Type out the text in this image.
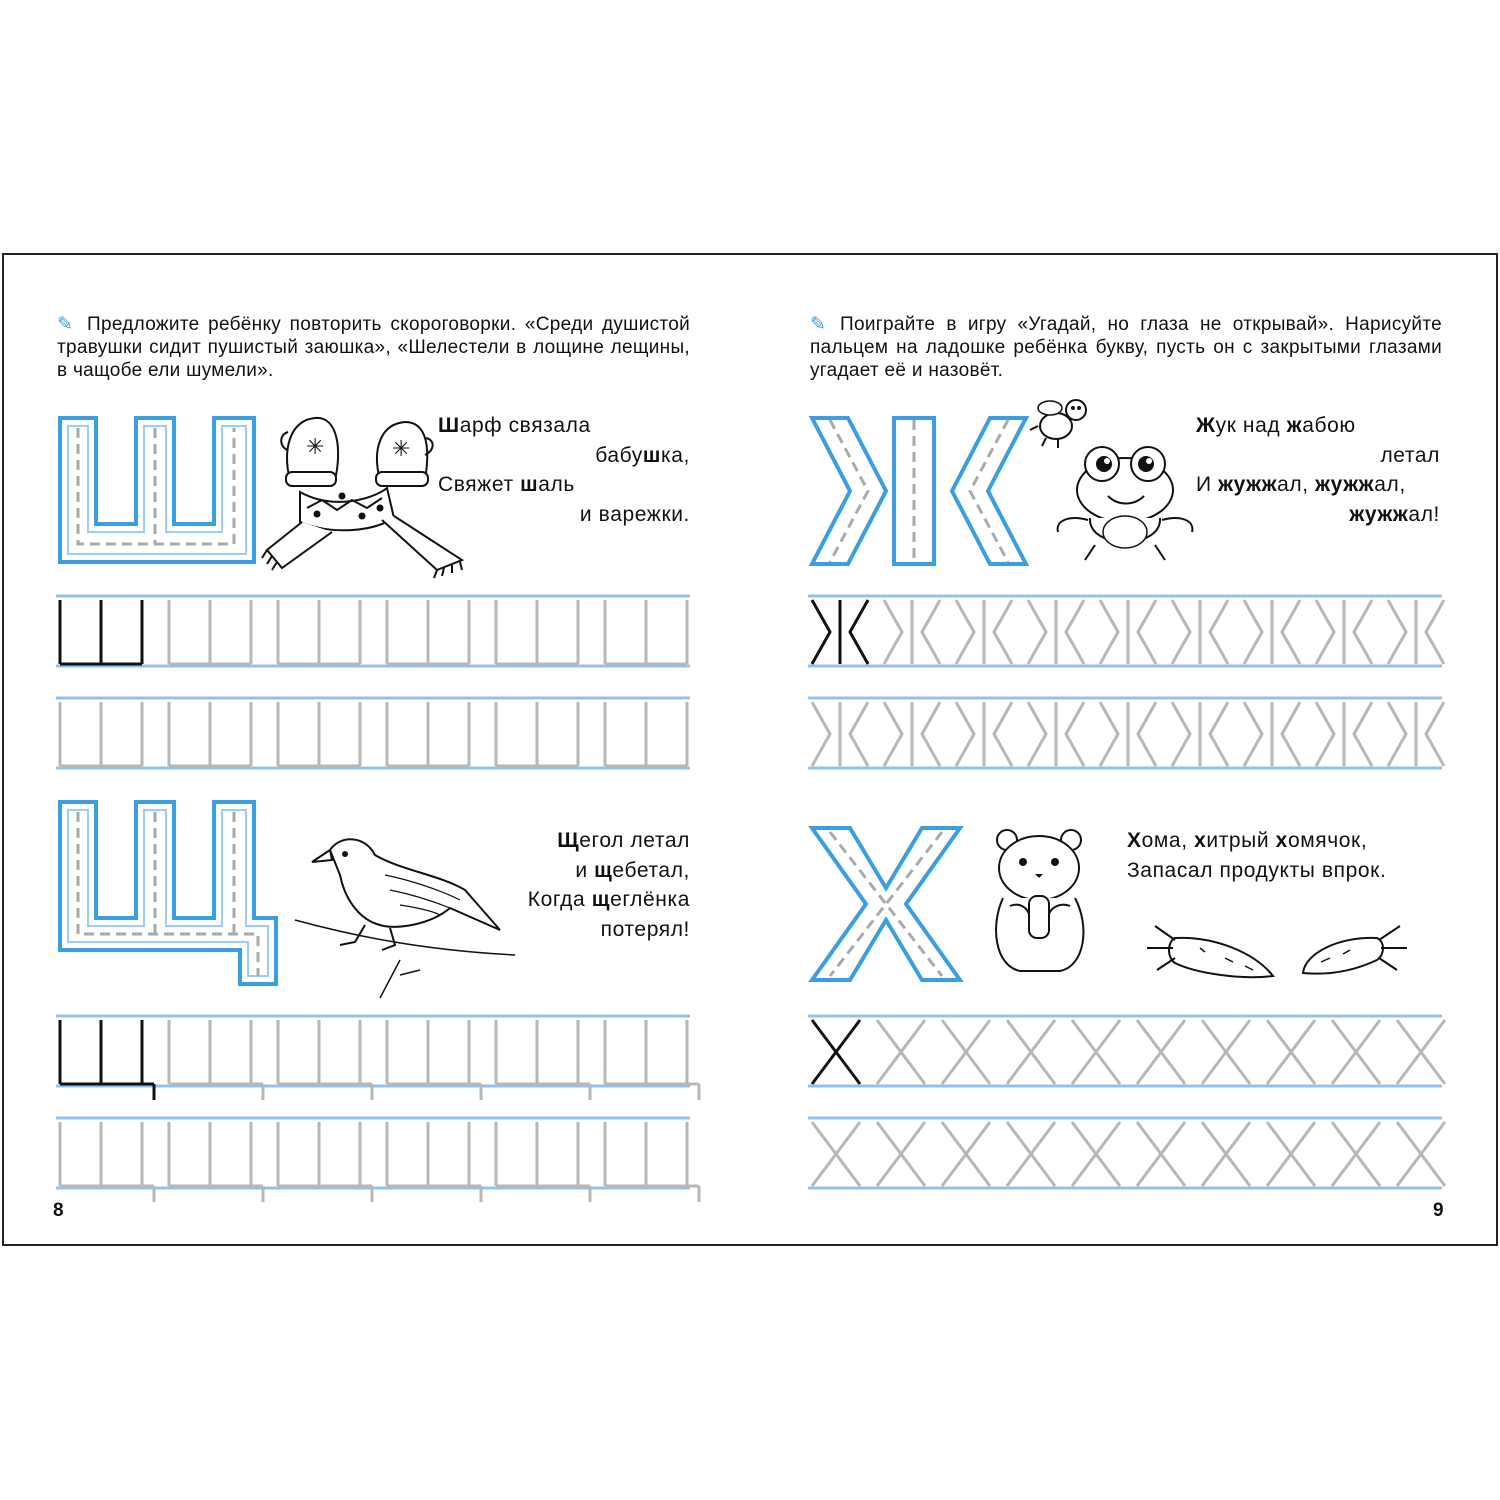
✎ Предложите ребёнку повторить скороговорки. «Среди душистой травушки сидит пушистый заюшка», «Шелестели в лощине лещины, в чащобе ели шумели».
✳	✳
Шарф связала
бабушка,
Свяжет шаль
и варежки.
Щегол летал
и щебетал,
Когда щеглёнка
потерял!
8
✎ Поиграйте в игру «Угадай, но глаза не открывай». Нарисуйте пальцем на ладошке ребёнка букву, пусть он с закрытыми глазами угадает её и назовёт.
Жук над жабою
летал
И жужжал, жужжал,
жужжал!
Хома, хитрый хомячок,
Запасал продукты впрок.
9
